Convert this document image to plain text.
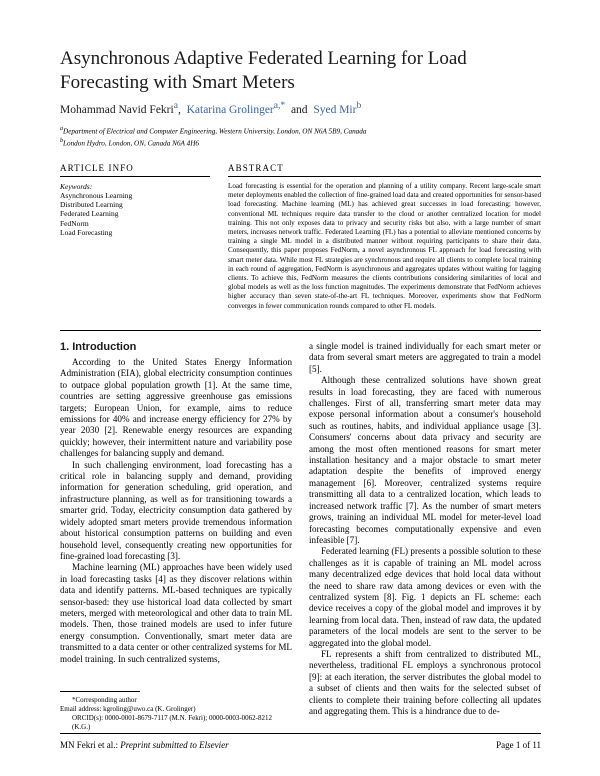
Asynchronous Adaptive Federated Learning for Load Forecasting with Smart Meters
Mohammad Navid Fekri$^a$, Katarina Grolinger$^{a,*}$ and Syed Mir$^b$
$^a$Department of Electrical and Computer Engineering, Western University, London, ON N6A 5B9, Canada
$^b$London Hydro, London, ON, Canada N6A 4H6
ARTICLE INFO	ABSTRACT
Keywords:
Asynchronous Learning
Distributed Learning
Federated Learning
FedNorm
Load Forecasting
Load forecasting is essential for the operation and planning of a utility company. Recent large-scale smart meter deployments enabled the collection of fine-grained load data and created opportunities for sensor-based load forecasting. Machine learning (ML) has achieved great successes in load forecasting; however, conventional ML techniques require data transfer to the cloud or another centralized location for model training. This not only exposes data to privacy and security risks but also, with a large number of smart meters, increases network traffic. Federated Learning (FL) has a potential to alleviate mentioned concerns by training a single ML model in a distributed manner without requiring participants to share their data. Consequently, this paper proposes FedNorm, a novel asynchronous FL approach for load forecasting with smart meter data. While most FL strategies are synchronous and require all clients to complete local training in each round of aggregation, FedNorm is asynchronous and aggregates updates without waiting for lagging clients. To achieve this, FedNorm measures the clients contributions considering similarities of local and global models as well as the loss function magnitudes. The experiments demonstrate that FedNorm achieves higher accuracy than seven state-of-the-art FL techniques. Moreover, experiments show that FedNorm converges in fewer communication rounds compared to other FL models.
1. Introduction

According to the United States Energy Information Administration (EIA), global electricity consumption continues to outpace global population growth [1]. At the same time, countries are setting aggressive greenhouse gas emissions targets; European Union, for example, aims to reduce emissions for 40% and increase energy efficiency for 27% by year 2030 [2]. Renewable energy resources are expanding quickly; however, their intermittent nature and variability pose challenges for balancing supply and demand.

In such challenging environment, load forecasting has a critical role in balancing supply and demand, providing information for generation scheduling, grid operation, and infrastructure planning, as well as for transitioning towards a smarter grid. Today, electricity consumption data gathered by widely adopted smart meters provide tremendous information about historical consumption patterns on building and even household level, consequently creating new opportunities for fine-grained load forecasting [3].

Machine learning (ML) approaches have been widely used in load forecasting tasks [4] as they discover relations within data and identify patterns. ML-based techniques are typically sensor-based: they use historical load data collected by smart meters, merged with meteorological and other data to train ML models. Then, those trained models are used to infer future energy consumption. Conventionally, smart meter data are transmitted to a data center or other centralized systems for ML model training. In such centralized systems,

a single model is trained individually for each smart meter or data from several smart meters are aggregated to train a model [5].

Although these centralized solutions have shown great results in load forecasting, they are faced with numerous challenges. First of all, transferring smart meter data may expose personal information about a consumer's household such as routines, habits, and individual appliance usage [3]. Consumers' concerns about data privacy and security are among the most often mentioned reasons for smart meter installation hesitancy and a major obstacle to smart meter adaptation despite the benefits of improved energy management [6]. Moreover, centralized systems require transmitting all data to a centralized location, which leads to increased network traffic [7]. As the number of smart meters grows, training an individual ML model for meter-level load forecasting becomes computationally expensive and even infeasible [7].

Federated learning (FL) presents a possible solution to these challenges as it is capable of training an ML model across many decentralized edge devices that hold local data without the need to share raw data among devices or even with the centralized system [8]. Fig. 1 depicts an FL scheme: each device receives a copy of the global model and improves it by learning from local data. Then, instead of raw data, the updated parameters of the local models are sent to the server to be aggregated into the global model.

FL represents a shift from centralized to distributed ML, nevertheless, traditional FL employs a synchronous protocol [9]: at each iteration, the server distributes the global model to a subset of clients and then waits for the selected subset of clients to complete their training before collecting all updates and aggregating them. This is a hindrance due to de-

*Corresponding author
Email address: kgroling@uwo.ca (K. Grolinger)
ORCID(s): 0000-0001-8679-7117 (M.N. Fekri); 0000-0003-0062-8212 (K.G.)
MN Fekri et al.: Preprint submitted to Elsevier	Page 1 of 11
